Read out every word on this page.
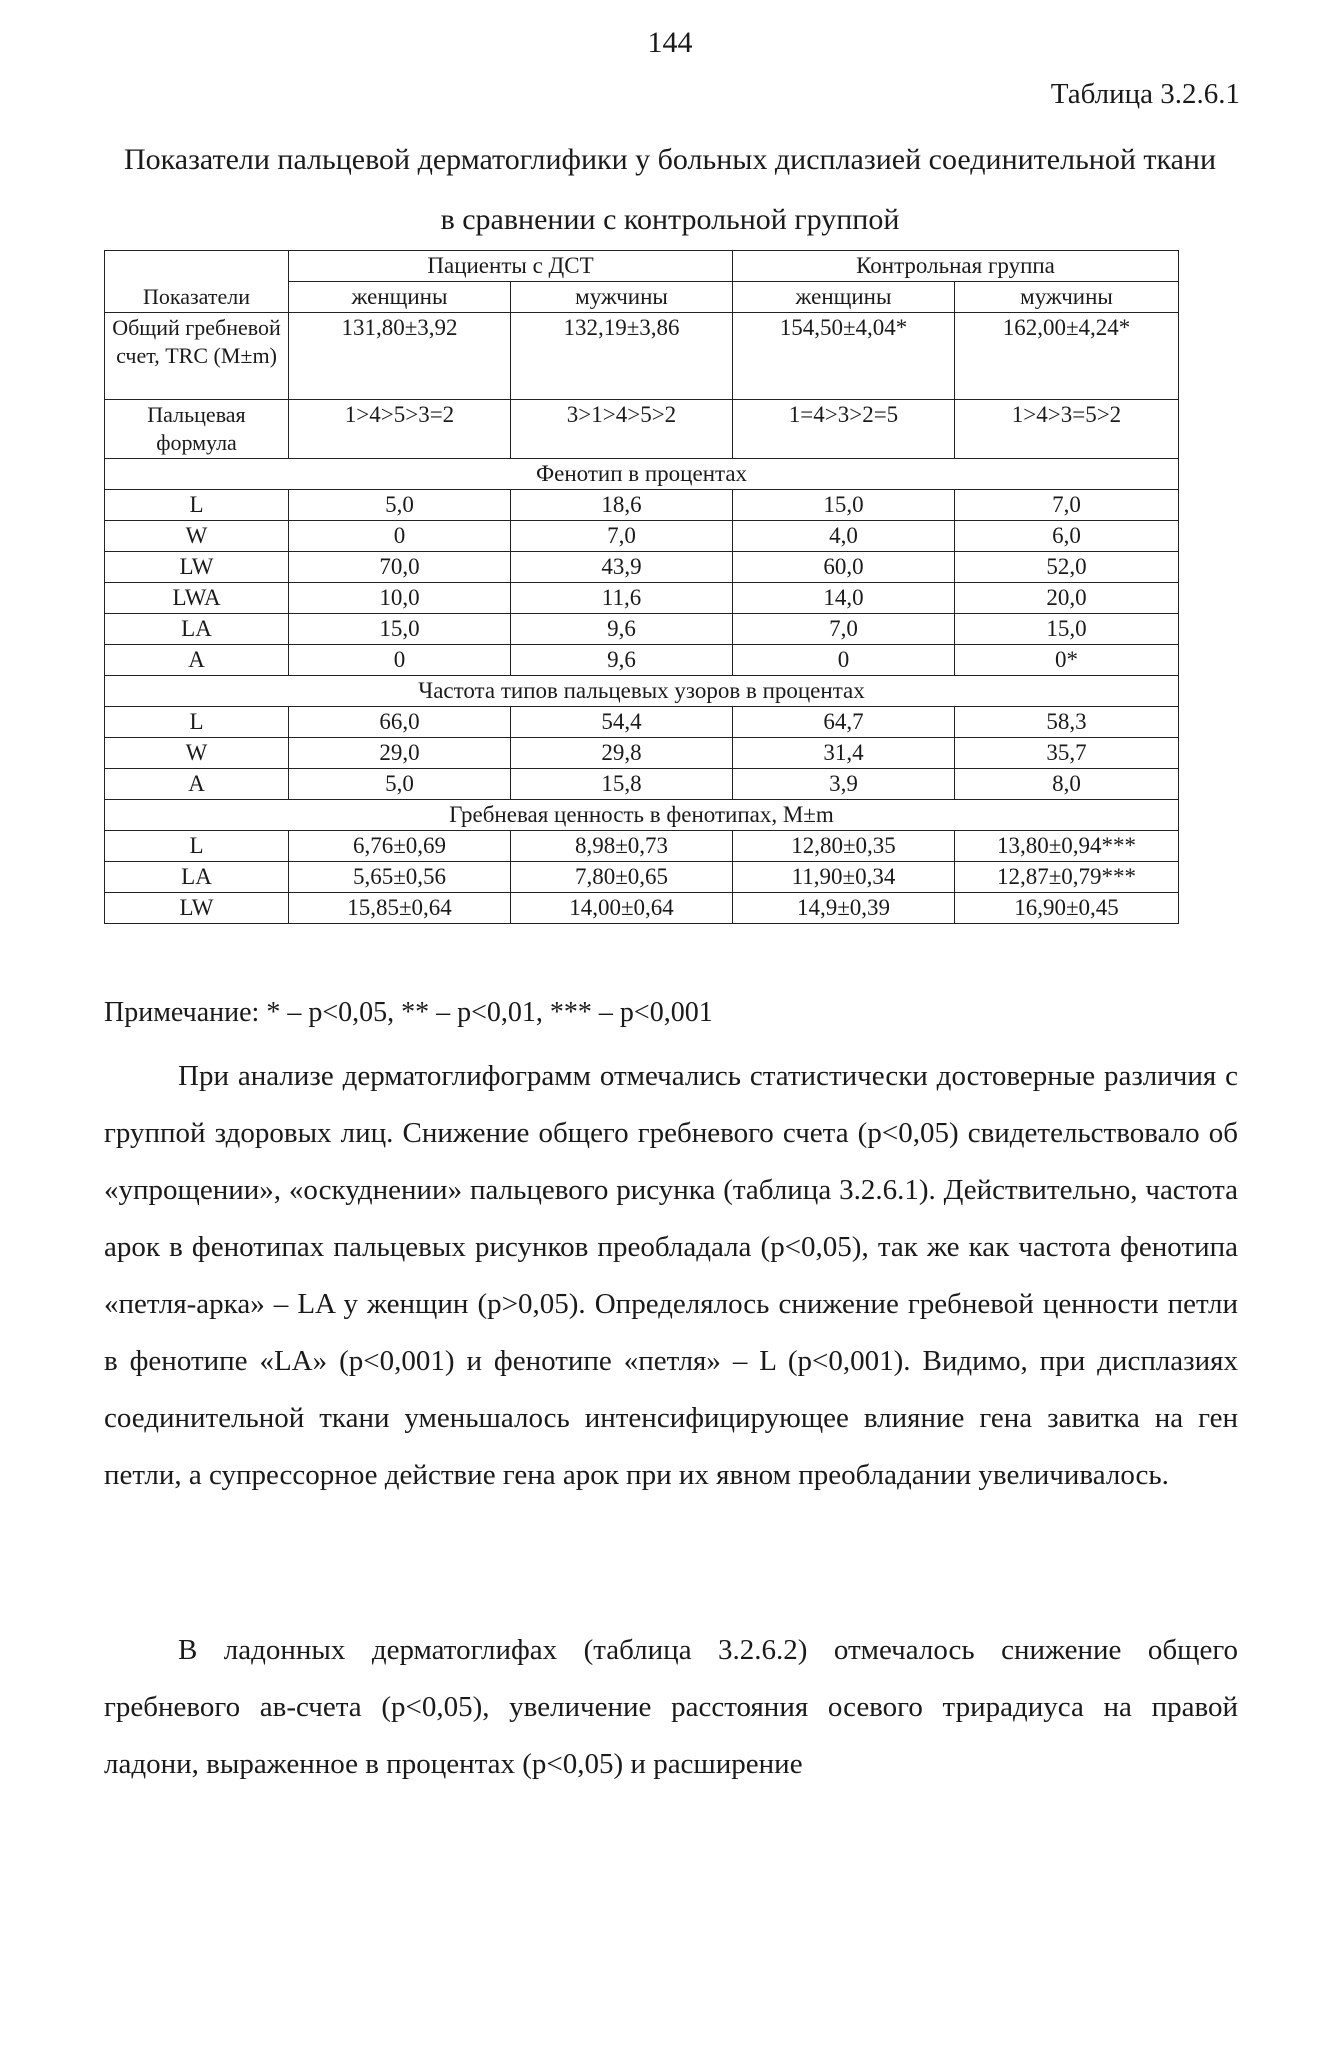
144
Таблица 3.2.6.1
Показатели пальцевой дерматоглифики у больных дисплазией соединительной ткани в сравнении с контрольной группой
Показатели	Пациенты с ДСТ		Контрольная группа	
	женщины	мужчины	женщины	мужчины
Общий гребневой счет, TRC (M±m)	131,80±3,92	132,19±3,86	154,50±4,04*	162,00±4,24*
Пальцевая формула	1>4>5>3=2	3>1>4>5>2	1=4>3>2=5	1>4>3=5>2
Фенотип в процентах				
L	5,0	18,6	15,0	7,0
W	0	7,0	4,0	6,0
LW	70,0	43,9	60,0	52,0
LWA	10,0	11,6	14,0	20,0
LA	15,0	9,6	7,0	15,0
A	0	9,6	0	0*
Частота типов пальцевых узоров в процентах				
L	66,0	54,4	64,7	58,3
W	29,0	29,8	31,4	35,7
A	5,0	15,8	3,9	8,0
Гребневая ценность в фенотипах, M±m				
L	6,76±0,69	8,98±0,73	12,80±0,35	13,80±0,94***
LA	5,65±0,56	7,80±0,65	11,90±0,34	12,87±0,79***
LW	15,85±0,64	14,00±0,64	14,9±0,39	16,90±0,45
Примечание: * – p<0,05, ** – p<0,01, *** – p<0,001

При анализе дерматоглифограмм отмечались статистически достоверные различия с группой здоровых лиц. Снижение общего гребневого счета (p<0,05) свидетельствовало об «упрощении», «оскуднении» пальцевого рисунка (таблица 3.2.6.1). Действительно, частота арок в фенотипах пальцевых рисунков преобладала (p<0,05), так же как частота фенотипа «петля-арка» – LA у женщин (p>0,05). Определялось снижение гребневой ценности петли в фенотипе «LA» (p<0,001) и фенотипе «петля» – L (p<0,001). Видимо, при дисплазиях соединительной ткани уменьшалось интенсифицирующее влияние гена завитка на ген петли, а супрессорное действие гена арок при их явном преобладании увеличивалось.

В ладонных дерматоглифах (таблица 3.2.6.2) отмечалось снижение общего гребневого ав-счета (p<0,05), увеличение расстояния осевого трирадиуса на правой ладони, выраженное в процентах (p<0,05) и расширение
